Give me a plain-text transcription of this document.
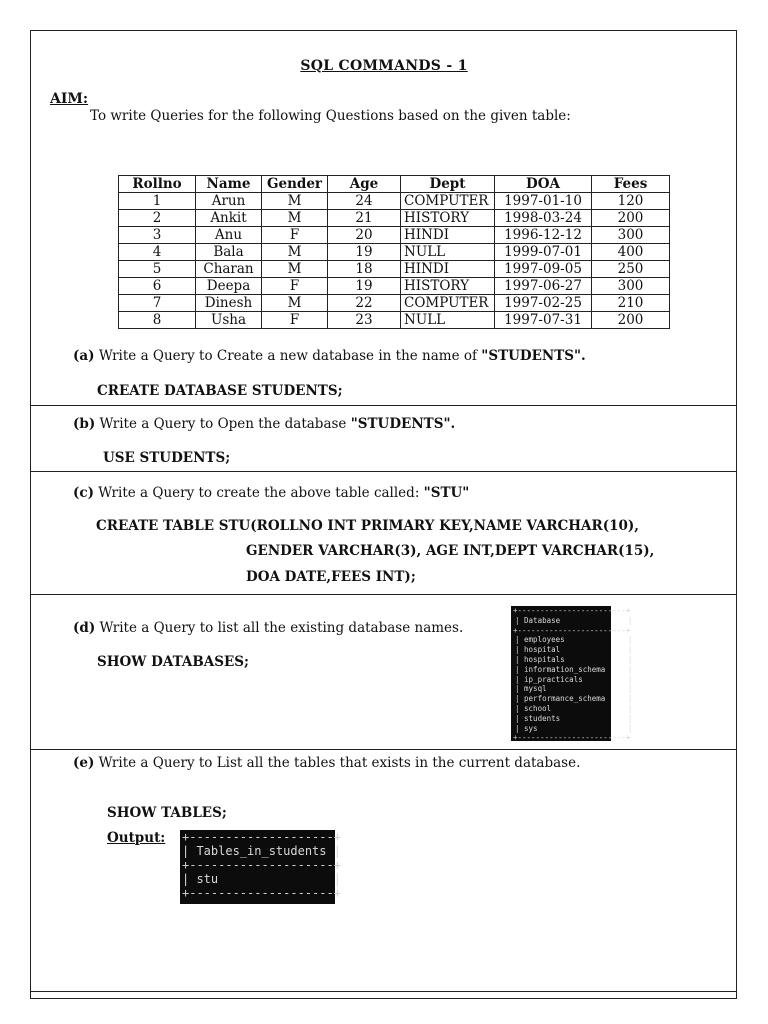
SQL COMMANDS - 1
AIM:
To write Queries for the following Questions based on the given table:
Rollno	Name	Gender	Age	Dept	DOA	Fees
1	Arun	M	24	COMPUTER	1997-01-10	120
2	Ankit	M	21	HISTORY	1998-03-24	200
3	Anu	F	20	HINDI	1996-12-12	300
4	Bala	M	19	NULL	1999-07-01	400
5	Charan	M	18	HINDI	1997-09-05	250
6	Deepa	F	19	HISTORY	1997-06-27	300
7	Dinesh	M	22	COMPUTER	1997-02-25	210
8	Usha	F	23	NULL	1997-07-31	200
(a) Write a Query to Create a new database in the name of "STUDENTS".
CREATE DATABASE STUDENTS;
(b) Write a Query to Open the database "STUDENTS".
USE STUDENTS;
(c) Write a Query to create the above table called: "STU"
CREATE TABLE STU(ROLLNO INT PRIMARY KEY,NAME VARCHAR(10),
GENDER VARCHAR(3), AGE INT,DEPT VARCHAR(15),
DOA DATE,FEES INT);
(d) Write a Query to list all the existing database names.
SHOW DATABASES;
+------------------------+
| Database               |
+------------------------+
| employees              |
| hospital               |
| hospitals              |
| information_schema     |
| ip_practicals          |
| mysql                  |
| performance_schema     |
| school                 |
| students               |
| sys                    |
+------------------------+
(e) Write a Query to List all the tables that exists in the current database.
SHOW TABLES;
Output: +--------------------+
| Tables_in_students |
+--------------------+
| stu                |
+--------------------+
